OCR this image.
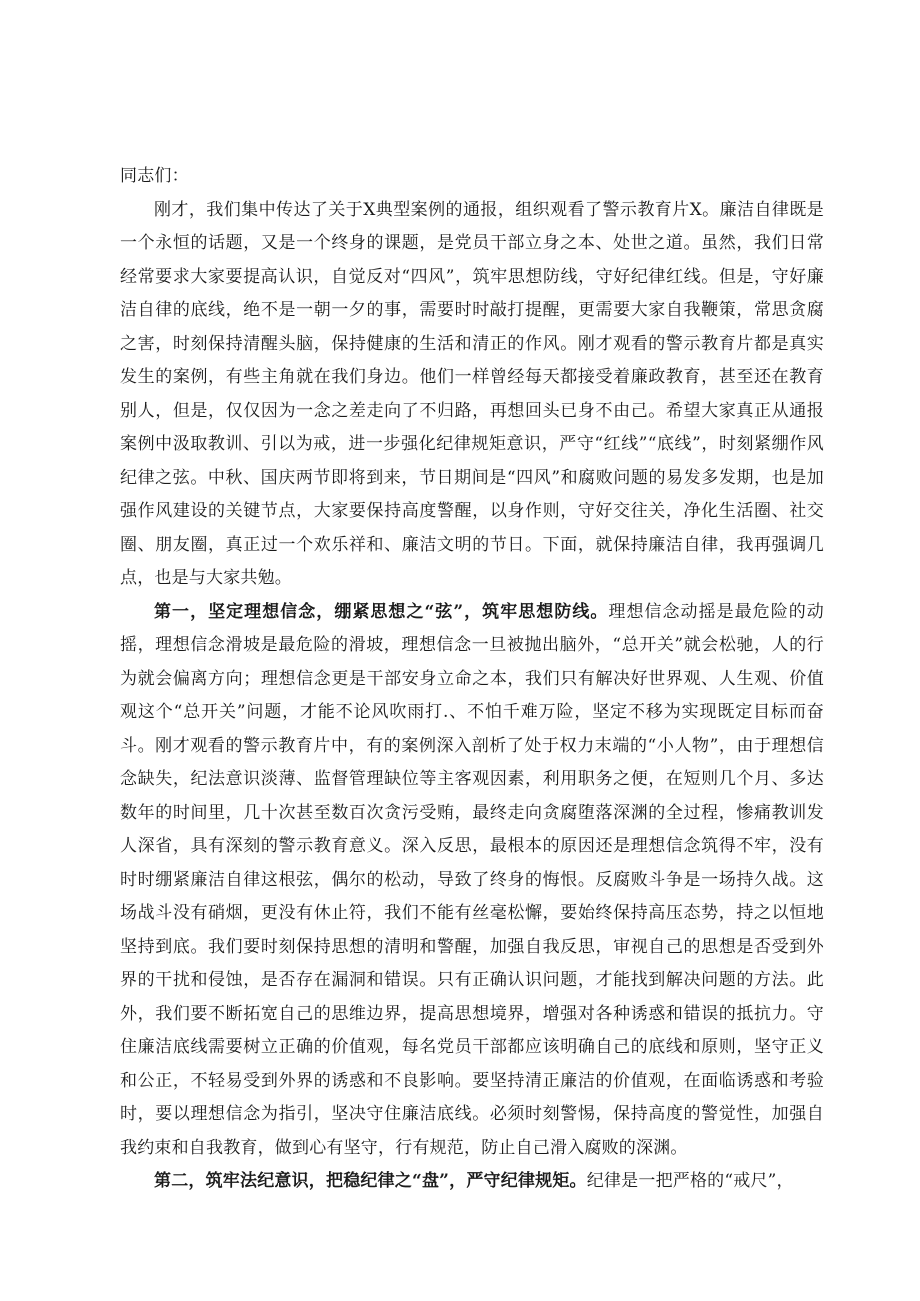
同志们：

刚才，我们集中传达了关于X典型案例的通报，组织观看了警示教育片X。廉洁自律既是一个永恒的话题，又是一个终身的课题，是党员干部立身之本、处世之道。虽然，我们日常经常要求大家要提高认识，自觉反对“四风”，筑牢思想防线，守好纪律红线。但是，守好廉洁自律的底线，绝不是一朝一夕的事，需要时时敲打提醒，更需要大家自我鞭策，常思贪腐之害，时刻保持清醒头脑，保持健康的生活和清正的作风。刚才观看的警示教育片都是真实发生的案例，有些主角就在我们身边。他们一样曾经每天都接受着廉政教育，甚至还在教育别人，但是，仅仅因为一念之差走向了不归路，再想回头已身不由己。希望大家真正从通报案例中汲取教训、引以为戒，进一步强化纪律规矩意识，严守“红线”“底线”，时刻紧绷作风纪律之弦。中秋、国庆两节即将到来，节日期间是“四风”和腐败问题的易发多发期，也是加强作风建设的关键节点，大家要保持高度警醒，以身作则，守好交往关，净化生活圈、社交圈、朋友圈，真正过一个欢乐祥和、廉洁文明的节日。下面，就保持廉洁自律，我再强调几点，也是与大家共勉。

第一，坚定理想信念，绷紧思想之“弦”，筑牢思想防线。理想信念动摇是最危险的动摇，理想信念滑坡是最危险的滑坡，理想信念一旦被抛出脑外，“总开关”就会松驰，人的行为就会偏离方向；理想信念更是干部安身立命之本，我们只有解决好世界观、人生观、价值观这个“总开关”问题，才能不论风吹雨打.、不怕千难万险，坚定不移为实现既定目标而奋斗。刚才观看的警示教育片中，有的案例深入剖析了处于权力末端的“小人物”，由于理想信念缺失，纪法意识淡薄、监督管理缺位等主客观因素，利用职务之便，在短则几个月、多达数年的时间里，几十次甚至数百次贪污受贿，最终走向贪腐堕落深渊的全过程，惨痛教训发人深省，具有深刻的警示教育意义。深入反思，最根本的原因还是理想信念筑得不牢，没有时时绷紧廉洁自律这根弦，偶尔的松动，导致了终身的悔恨。反腐败斗争是一场持久战。这场战斗没有硝烟，更没有休止符，我们不能有丝毫松懈，要始终保持高压态势，持之以恒地坚持到底。我们要时刻保持思想的清明和警醒，加强自我反思，审视自己的思想是否受到外界的干扰和侵蚀，是否存在漏洞和错误。只有正确认识问题，才能找到解决问题的方法。此外，我们要不断拓宽自己的思维边界，提高思想境界，增强对各种诱惑和错误的抵抗力。守住廉洁底线需要树立正确的价值观，每名党员干部都应该明确自己的底线和原则，坚守正义和公正，不轻易受到外界的诱惑和不良影响。要坚持清正廉洁的价值观，在面临诱惑和考验时，要以理想信念为指引，坚决守住廉洁底线。必须时刻警惕，保持高度的警觉性，加强自我约束和自我教育，做到心有坚守，行有规范，防止自己滑入腐败的深渊。

第二，筑牢法纪意识，把稳纪律之“盘”，严守纪律规矩。纪律是一把严格的“戒尺”，
